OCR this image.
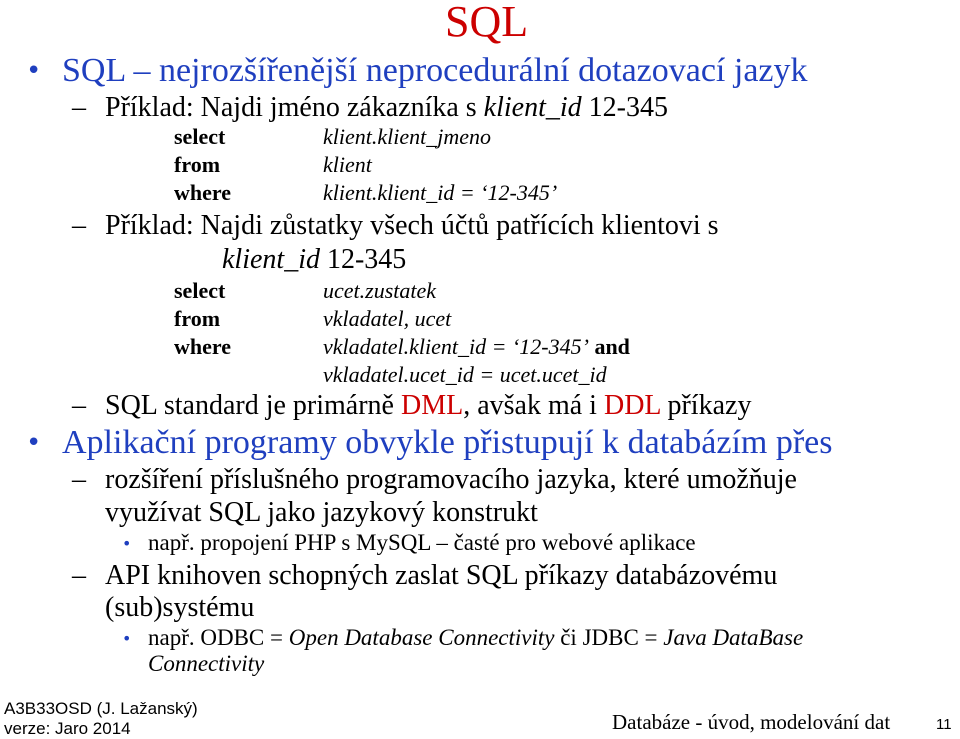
SQL
• SQL – nejrozšířenější neprocedurální dotazovací jazyk
– Příklad: Najdi jméno zákazníka s klient_id 12-345
select	klient.klient_jmeno
from	klient
where	klient.klient_id = ‘12-345’
– Příklad: Najdi zůstatky všech účtů patřících klientovi s
klient_id 12-345
select	ucet.zustatek
from	vkladatel, ucet
where	vkladatel.klient_id = ‘12-345’ and
vkladatel.ucet_id = ucet.ucet_id
– SQL standard je primárně DML, avšak má i DDL příkazy
• Aplikační programy obvykle přistupují k databázím přes
– rozšíření příslušného programovacího jazyka, které umožňuje
využívat SQL jako jazykový konstrukt
• např. propojení PHP s MySQL – časté pro webové aplikace
– API knihoven schopných zaslat SQL příkazy databázovému
(sub)systému
• např. ODBC = Open Database Connectivity či JDBC = Java DataBase
Connectivity
A3B33OSD (J. Lažanský)
verze: Jaro 2014	Databáze - úvod, modelování dat	11
